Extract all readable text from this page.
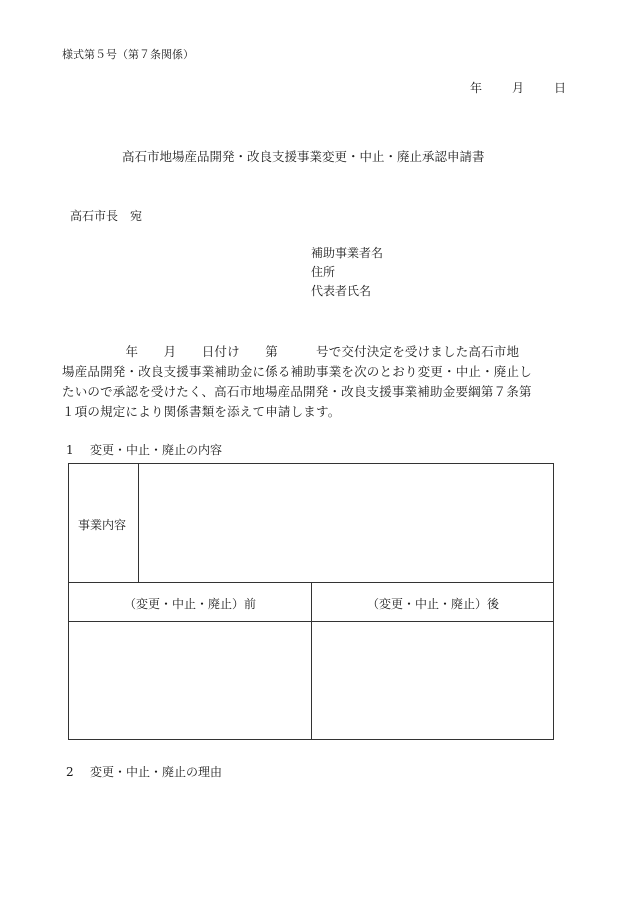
様式第５号（第７条関係）
年	月	日
高石市地場産品開発・改良支援事業変更・中止・廃止承認申請書
高石市長　宛
補助事業者名
住所
代表者氏名

　　　　　年　　月　　日付け　　第　　　号で交付決定を受けました高石市地

場産品開発・改良支援事業補助金に係る補助事業を次のとおり変更・中止・廃止し

たいので承認を受けたく、高石市地場産品開発・改良支援事業補助金要綱第７条第

１項の規定により関係書類を添えて申請します。

1 変更・中止・廃止の内容
事業内容
（変更・中止・廃止）前	（変更・中止・廃止）後
2 変更・中止・廃止の理由
